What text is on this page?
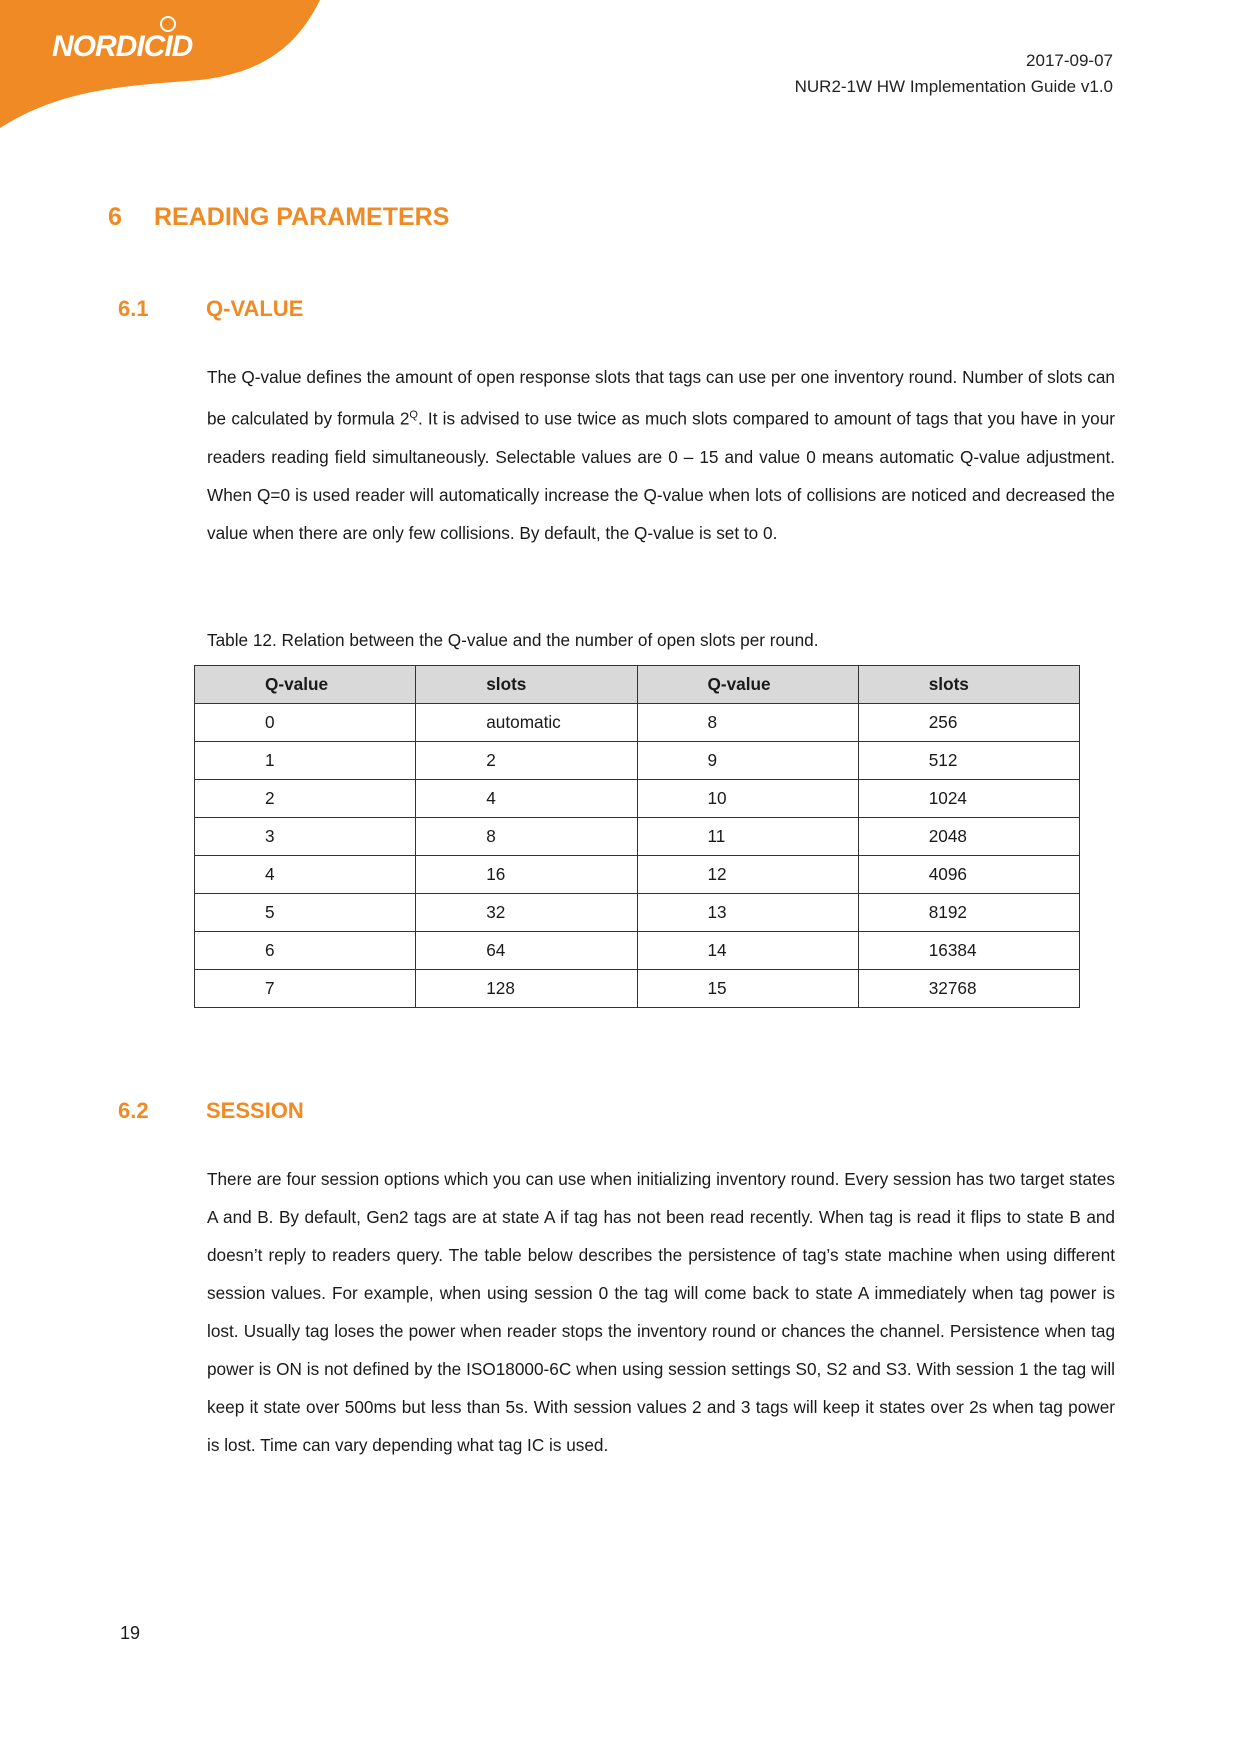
NORDICID	2017-09-07
NUR2-1W HW Implementation Guide v1.0
6 READING PARAMETERS
6.1	Q-VALUE
The Q-value defines the amount of open response slots that tags can use per one inventory round. Number of slots can be calculated by formula $2^Q$. It is advised to use twice as much slots compared to amount of tags that you have in your readers reading field simultaneously. Selectable values are 0 – 15 and value 0 means automatic Q-value adjustment. When Q=0 is used reader will automatically increase the Q-value when lots of collisions are noticed and decreased the value when there are only few collisions. By default, the Q-value is set to 0.
Table 12. Relation between the Q-value and the number of open slots per round.
Q-value	slots	Q-value	slots
0	automatic	8	256
1	2	9	512
2	4	10	1024
3	8	11	2048
4	16	12	4096
5	32	13	8192
6	64	14	16384
7	128	15	32768
6.2	SESSION
There are four session options which you can use when initializing inventory round. Every session has two target states A and B. By default, Gen2 tags are at state A if tag has not been read recently. When tag is read it flips to state B and doesn’t reply to readers query. The table below describes the persistence of tag’s state machine when using different session values. For example, when using session 0 the tag will come back to state A immediately when tag power is lost. Usually tag loses the power when reader stops the inventory round or chances the channel. Persistence when tag power is ON is not defined by the ISO18000-6C when using session settings S0, S2 and S3. With session 1 the tag will keep it state over 500ms but less than 5s. With session values 2 and 3 tags will keep it states over 2s when tag power is lost. Time can vary depending what tag IC is used.
19
